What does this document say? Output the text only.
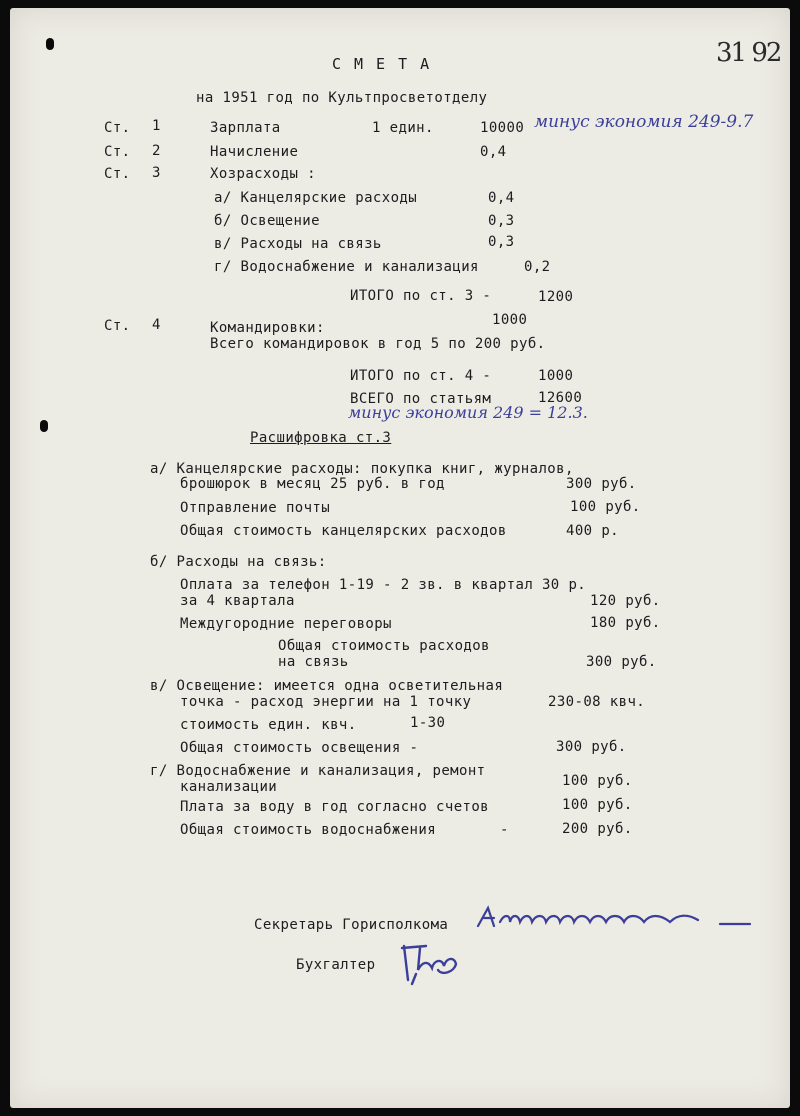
31 92
СМЕТА
на 1951 год по Культпросветотделу
Ст. 1	Зарплата	1 един.	10000 минус экономия 249-9.7
Ст. 2	Начисление	0,4
Ст. 3	Хозрасходы :
а/ Канцелярские расходы	0,4
б/ Освещение	0,3
в/ Расходы на связь	0,3
г/ Водоснабжение и канализация	0,2
ИТОГО по ст. 3 -	1200
Ст. 4	Командировки:	1000
Всего командировок в год 5 по 200 руб.
ИТОГО по ст. 4 -	1000
ВСЕГО по статьям	12600
минус экономия 249 = 12.3.
Расшифровка ст.3
а/ Канцелярские расходы: покупка книг, журналов,
брошюрок в месяц 25 руб. в год	300 руб.
Отправление почты	100 руб.
Общая стоимость канцелярских расходов	400 р.
б/ Расходы на связь:
Оплата за телефон 1-19 - 2 зв. в квартал 30 р.
за 4 квартала	120 руб.
Междугородние переговоры	180 руб.
Общая стоимость расходов
на связь	300 руб.
в/ Освещение: имеется одна осветительная
точка - расход энергии на 1 точку	230-08 квч.
стоимость един. квч.	1-30
Общая стоимость освещения -	300 руб.
г/ Водоснабжение и канализация, ремонт
канализации	100 руб.
Плата за воду в год согласно счетов	100 руб.
Общая стоимость водоснабжения	-	200 руб.
Секретарь Горисполкома
Бухгалтер
